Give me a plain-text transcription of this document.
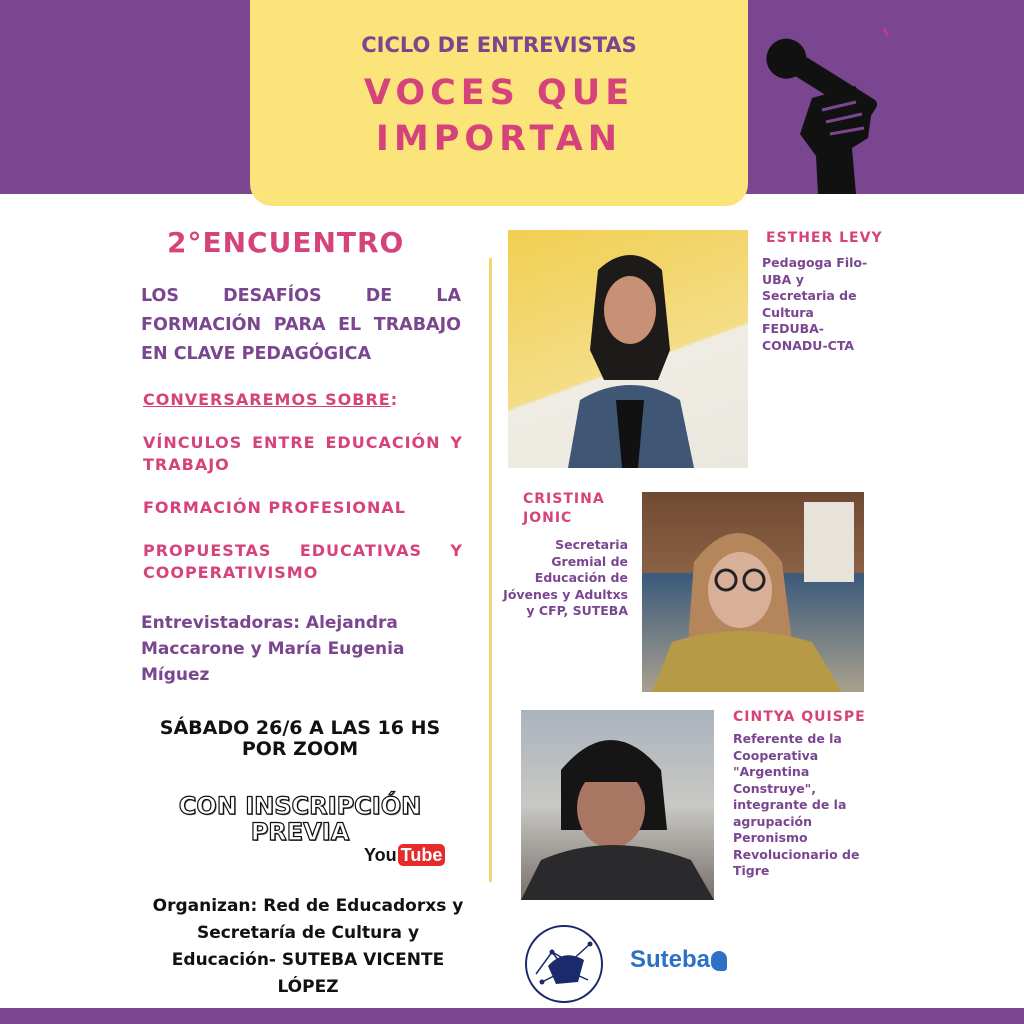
CICLO DE ENTREVISTAS
VOCES QUE
IMPORTAN
2°ENCUENTRO
LOS DESAFÍOS DE LA FORMACIÓN PARA EL TRABAJO EN CLAVE PEDAGÓGICA
CONVERSAREMOS SOBRE:
VÍNCULOS ENTRE EDUCACIÓN Y TRABAJO
FORMACIÓN PROFESIONAL
PROPUESTAS EDUCATIVAS Y COOPERATIVISMO
Entrevistadoras: Alejandra Maccarone y María Eugenia Míguez
SÁBADO 26/6 A LAS 16 HS
POR ZOOM
CON INSCRIPCIÓN
PREVIA
You Tube
Organizan: Red de Educadorxs y Secretaría de Cultura y Educación- SUTEBA VICENTE LÓPEZ
ESTHER LEVY
Pedagoga Filo-
UBA y
Secretaria de
Cultura
FEDUBA-
CONADU-CTA
CRISTINA
JONIC
Secretaria
Gremial de
Educación de
Jóvenes y Adultxs
y CFP, SUTEBA
CINTYA QUISPE
Referente de la
Cooperativa
"Argentina
Construye",
integrante de la
agrupación
Peronismo
Revolucionario de
Tigre
Suteba
